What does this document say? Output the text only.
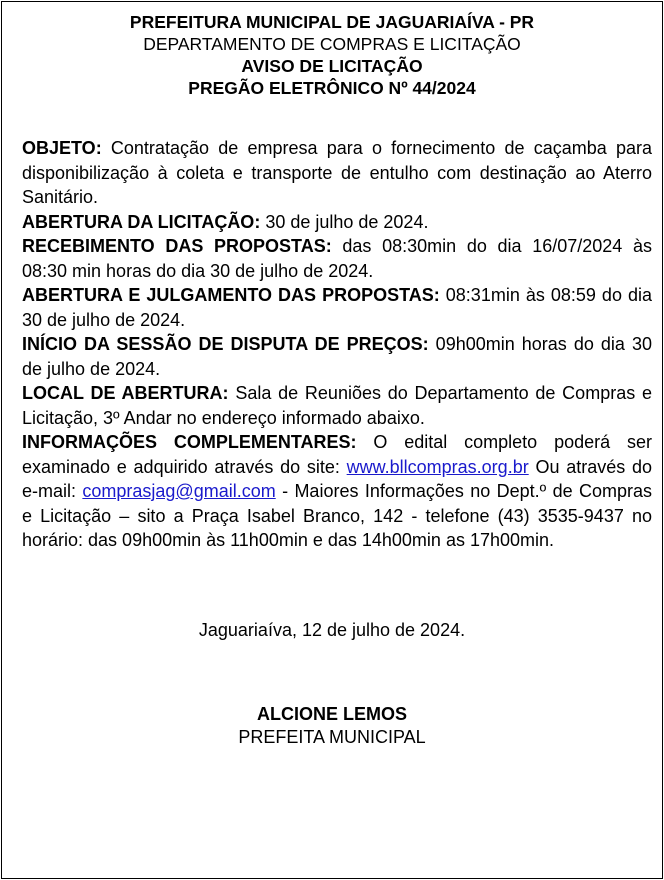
PREFEITURA MUNICIPAL DE JAGUARIAÍVA - PR
DEPARTAMENTO DE COMPRAS E LICITAÇÃO
AVISO DE LICITAÇÃO
PREGÃO ELETRÔNICO Nº 44/2024

OBJETO: Contratação de empresa para o fornecimento de caçamba para disponibilização à coleta e transporte de entulho com destinação ao Aterro Sanitário.

ABERTURA DA LICITAÇÃO: 30 de julho de 2024.

RECEBIMENTO DAS PROPOSTAS: das 08:30min do dia 16/07/2024 às 08:30 min horas do dia 30 de julho de 2024.

ABERTURA E JULGAMENTO DAS PROPOSTAS: 08:31min às 08:59 do dia 30 de julho de 2024.

INÍCIO DA SESSÃO DE DISPUTA DE PREÇOS: 09h00min horas do dia 30 de julho de 2024.

LOCAL DE ABERTURA: Sala de Reuniões do Departamento de Compras e Licitação, 3º Andar no endereço informado abaixo.

INFORMAÇÕES COMPLEMENTARES: O edital completo poderá ser examinado e adquirido através do site: www.bllcompras.org.br Ou através do e-mail: comprasjag@gmail.com - Maiores Informações no Dept.º de Compras e Licitação – sito a Praça Isabel Branco, 142 - telefone (43) 3535-9437 no horário: das 09h00min às 11h00min e das 14h00min as 17h00min.

Jaguariaíva, 12 de julho de 2024.
ALCIONE LEMOS
PREFEITA MUNICIPAL
